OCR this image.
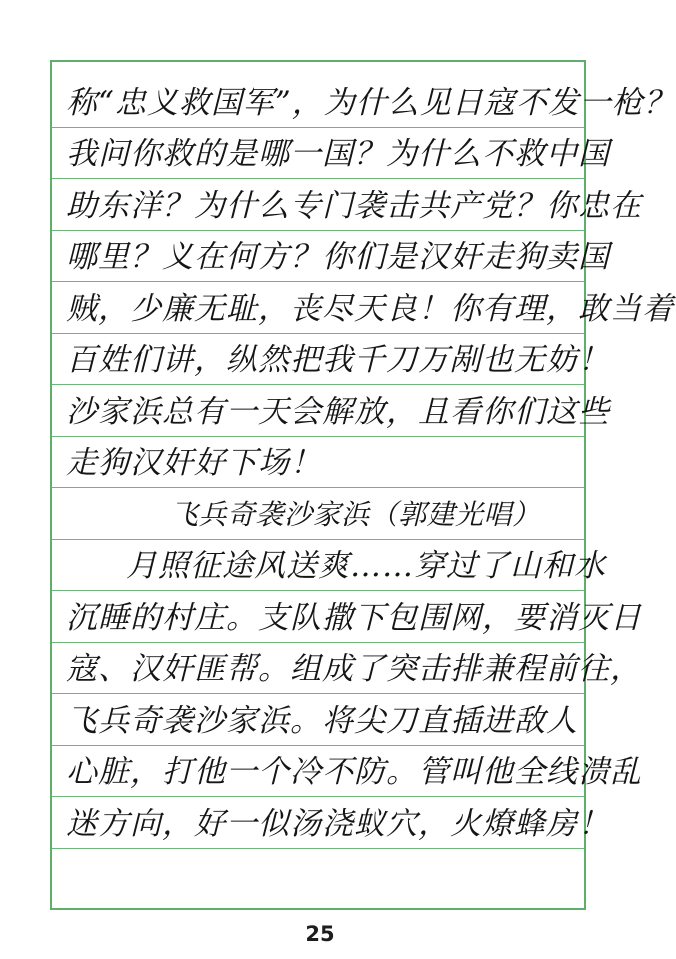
称“忠义救国军”，为什么见日寇不发一枪？
我问你救的是哪一国？为什么不救中国
助东洋？为什么专门袭击共产党？你忠在
哪里？义在何方？你们是汉奸走狗卖国
贼，少廉无耻，丧尽天良！你有理，敢当着
百姓们讲，纵然把我千刀万剐也无妨！
沙家浜总有一天会解放，且看你们这些
走狗汉奸好下场！
飞兵奇袭沙家浜（郭建光唱）
月照征途风送爽……穿过了山和水
沉睡的村庄。支队撒下包围网，要消灭日
寇、汉奸匪帮。组成了突击排兼程前往，
飞兵奇袭沙家浜。将尖刀直插进敌人
心脏，打他一个冷不防。管叫他全线溃乱
迷方向，好一似汤浇蚁穴，火燎蜂房！
25
